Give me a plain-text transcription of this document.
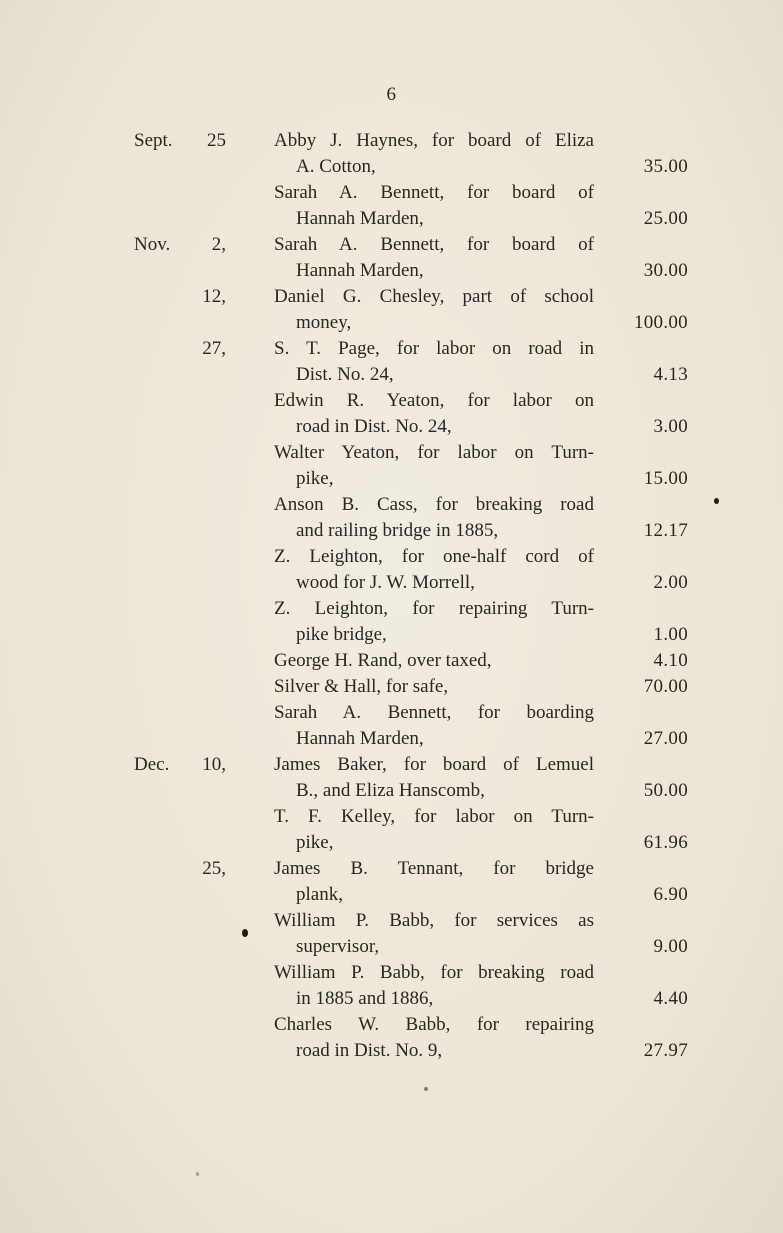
6
Sept.	25	Abby J. Haynes, for board of Eliza
A. Cotton,	35.00
Sarah A. Bennett, for board of
Hannah Marden,	25.00
Nov.	2,	Sarah A. Bennett, for board of
Hannah Marden,	30.00
12,	Daniel G. Chesley, part of school
money,	100.00
27,	S. T. Page, for labor on road in
Dist. No. 24,	4.13
Edwin R. Yeaton, for labor on
road in Dist. No. 24,	3.00
Walter Yeaton, for labor on Turn-
pike,	15.00
Anson B. Cass, for breaking road
and railing bridge in 1885,	12.17
Z. Leighton, for one-half cord of
wood for J. W. Morrell,	2.00
Z. Leighton, for repairing Turn-
pike bridge,	1.00
George H. Rand, over taxed,	4.10
Silver & Hall, for safe,	70.00
Sarah A. Bennett, for boarding
Hannah Marden,	27.00
Dec.	10,	James Baker, for board of Lemuel
B., and Eliza Hanscomb,	50.00
T. F. Kelley, for labor on Turn-
pike,	61.96
25,	James B. Tennant, for bridge
plank,	6.90
William P. Babb, for services as
supervisor,	9.00
William P. Babb, for breaking road
in 1885 and 1886,	4.40
Charles W. Babb, for repairing
road in Dist. No. 9,	27.97
